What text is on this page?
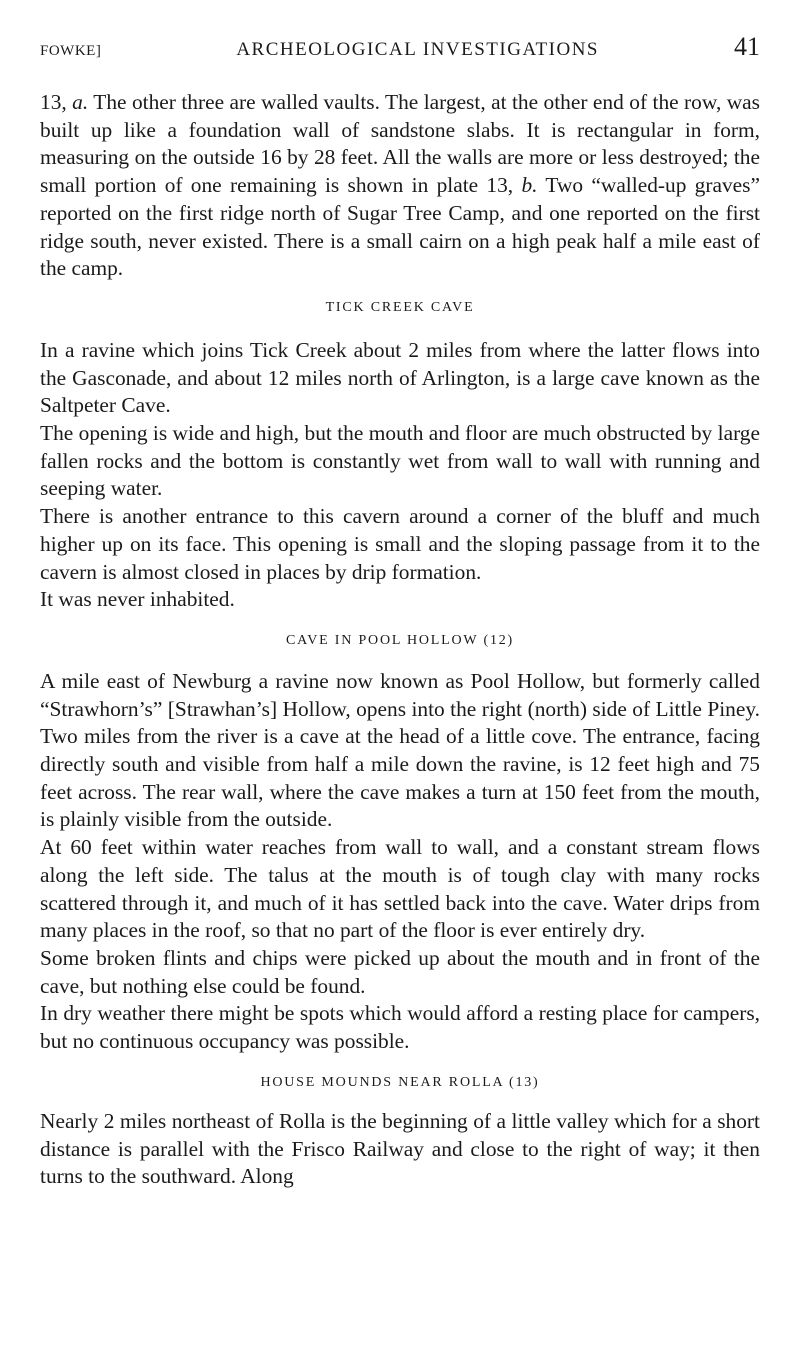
FOWKE]	ARCHEOLOGICAL INVESTIGATIONS	41

13, a. The other three are walled vaults. The largest, at the other end of the row, was built up like a foundation wall of sandstone slabs. It is rectangular in form, measuring on the outside 16 by 28 feet. All the walls are more or less destroyed; the small portion of one remaining is shown in plate 13, b. Two “walled-up graves” reported on the first ridge north of Sugar Tree Camp, and one reported on the first ridge south, never existed. There is a small cairn on a high peak half a mile east of the camp.

TICK CREEK CAVE

In a ravine which joins Tick Creek about 2 miles from where the latter flows into the Gasconade, and about 12 miles north of Arlington, is a large cave known as the Saltpeter Cave.

The opening is wide and high, but the mouth and floor are much obstructed by large fallen rocks and the bottom is constantly wet from wall to wall with running and seeping water.

There is another entrance to this cavern around a corner of the bluff and much higher up on its face. This opening is small and the sloping passage from it to the cavern is almost closed in places by drip formation.

It was never inhabited.

CAVE IN POOL HOLLOW (12)

A mile east of Newburg a ravine now known as Pool Hollow, but formerly called “Strawhorn’s” [Strawhan’s] Hollow, opens into the right (north) side of Little Piney. Two miles from the river is a cave at the head of a little cove. The entrance, facing directly south and visible from half a mile down the ravine, is 12 feet high and 75 feet across. The rear wall, where the cave makes a turn at 150 feet from the mouth, is plainly visible from the outside.

At 60 feet within water reaches from wall to wall, and a constant stream flows along the left side. The talus at the mouth is of tough clay with many rocks scattered through it, and much of it has settled back into the cave. Water drips from many places in the roof, so that no part of the floor is ever entirely dry.

Some broken flints and chips were picked up about the mouth and in front of the cave, but nothing else could be found.

In dry weather there might be spots which would afford a resting place for campers, but no continuous occupancy was possible.

HOUSE MOUNDS NEAR ROLLA (13)

Nearly 2 miles northeast of Rolla is the beginning of a little valley which for a short distance is parallel with the Frisco Railway and close to the right of way; it then turns to the southward. Along
